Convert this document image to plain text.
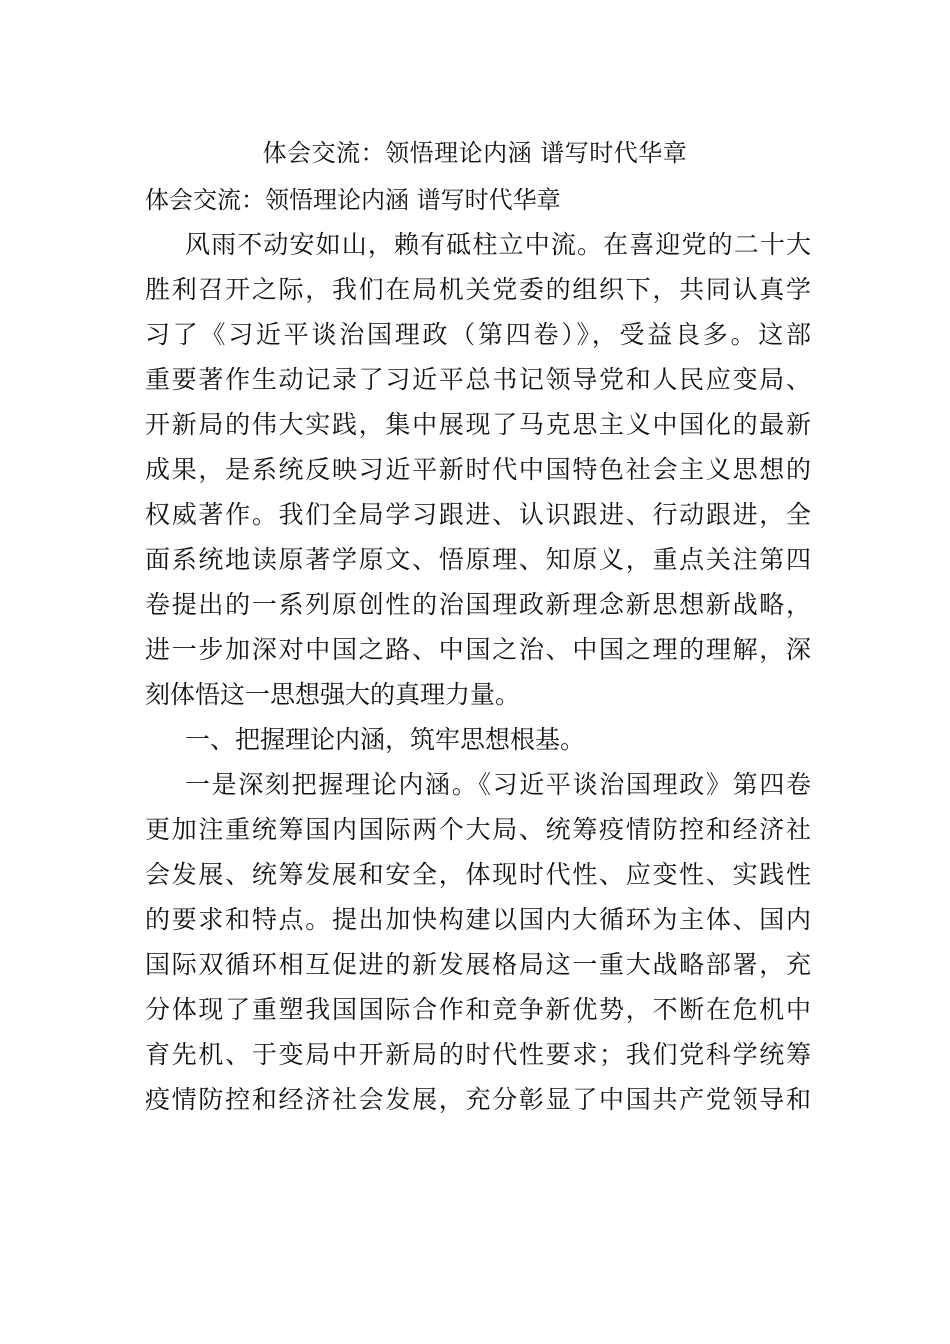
体会交流：领悟理论内涵 谱写时代华章
体会交流：领悟理论内涵 谱写时代华章
风雨不动安如山，赖有砥柱立中流。在喜迎党的二十大
胜利召开之际，我们在局机关党委的组织下，共同认真学
习了《习近平谈治国理政（第四卷）》，受益良多。这部
重要著作生动记录了习近平总书记领导党和人民应变局、
开新局的伟大实践，集中展现了马克思主义中国化的最新
成果，是系统反映习近平新时代中国特色社会主义思想的
权威著作。我们全局学习跟进、认识跟进、行动跟进，全
面系统地读原著学原文、悟原理、知原义，重点关注第四
卷提出的一系列原创性的治国理政新理念新思想新战略，
进一步加深对中国之路、中国之治、中国之理的理解，深
刻体悟这一思想强大的真理力量。
一、把握理论内涵，筑牢思想根基。
一是深刻把握理论内涵。《习近平谈治国理政》第四卷
更加注重统筹国内国际两个大局、统筹疫情防控和经济社
会发展、统筹发展和安全，体现时代性、应变性、实践性
的要求和特点。提出加快构建以国内大循环为主体、国内
国际双循环相互促进的新发展格局这一重大战略部署，充
分体现了重塑我国国际合作和竞争新优势，不断在危机中
育先机、于变局中开新局的时代性要求；我们党科学统筹
疫情防控和经济社会发展，充分彰显了中国共产党领导和
